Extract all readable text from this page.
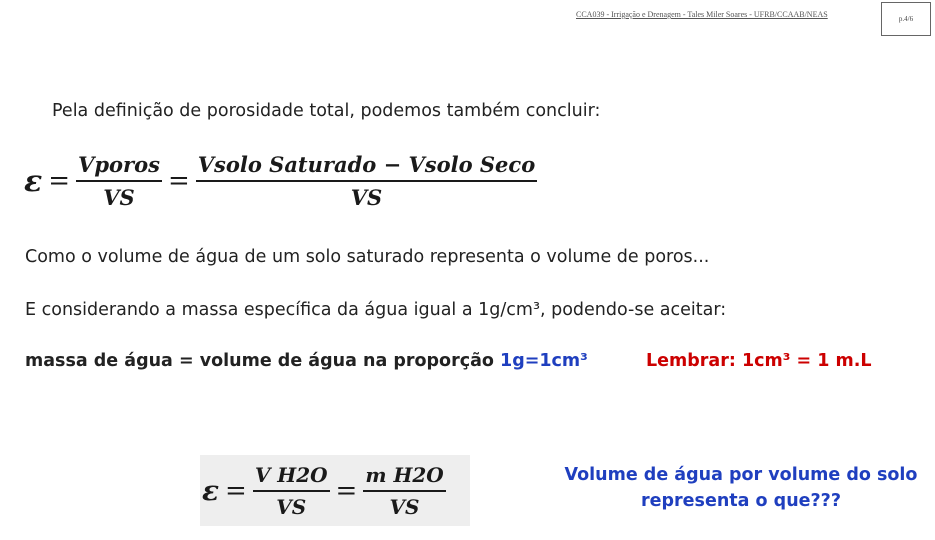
CCA039 - Irrigação e Drenagem - Tales Miler Soares - UFRB/CCAAB/NEAS	p.4/6
Pela definição de porosidade total, podemos também concluir:
$\varepsilon = \frac{\text{Vporos}}{VS} = \frac{\text{Vsolo Saturado − Vsolo Seco}}{VS}$
Como o volume de água de um solo saturado representa o volume de poros...
E considerando a massa específica da água igual a 1g/cm³, podendo-se aceitar:
massa de água = volume de água na proporção 1g=1cm³	Lembrar: 1cm³ = 1 m.L
$\varepsilon = \frac{\text{V H2O}}{VS} = \frac{\text{m H2O}}{VS}$	Volume de água por volume do solo
representa o que???
